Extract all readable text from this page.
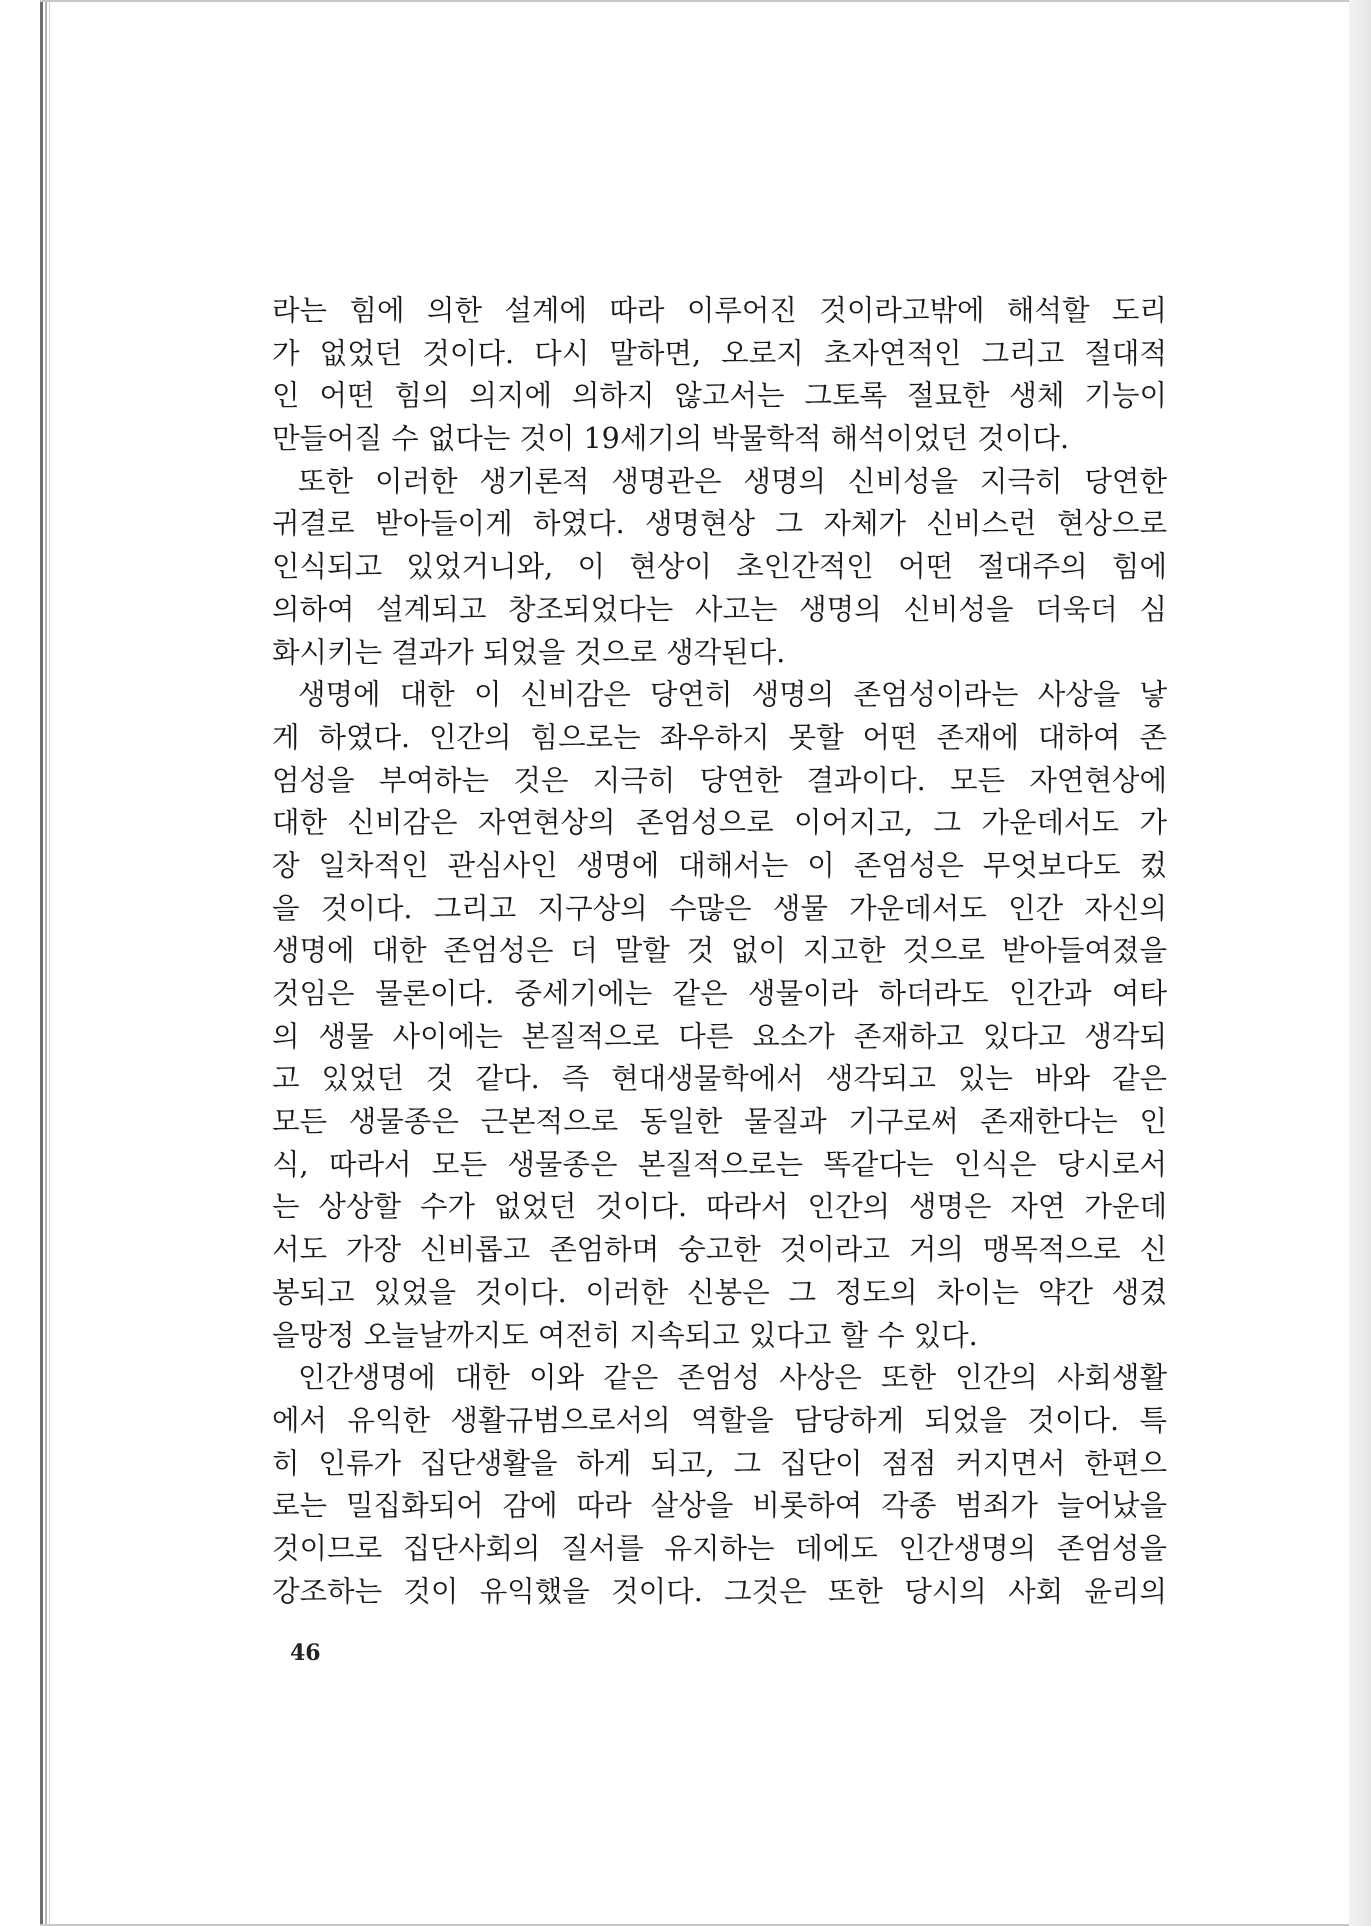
라는 힘에 의한 설계에 따라 이루어진 것이라고밖에 해석할 도리
가 없었던 것이다. 다시 말하면, 오로지 초자연적인 그리고 절대적
인 어떤 힘의 의지에 의하지 않고서는 그토록 절묘한 생체 기능이
만들어질 수 없다는 것이 19세기의 박물학적 해석이었던 것이다.
또한 이러한 생기론적 생명관은 생명의 신비성을 지극히 당연한
귀결로 받아들이게 하였다. 생명현상 그 자체가 신비스런 현상으로
인식되고 있었거니와, 이 현상이 초인간적인 어떤 절대주의 힘에
의하여 설계되고 창조되었다는 사고는 생명의 신비성을 더욱더 심
화시키는 결과가 되었을 것으로 생각된다.
생명에 대한 이 신비감은 당연히 생명의 존엄성이라는 사상을 낳
게 하였다. 인간의 힘으로는 좌우하지 못할 어떤 존재에 대하여 존
엄성을 부여하는 것은 지극히 당연한 결과이다. 모든 자연현상에
대한 신비감은 자연현상의 존엄성으로 이어지고, 그 가운데서도 가
장 일차적인 관심사인 생명에 대해서는 이 존엄성은 무엇보다도 컸
을 것이다. 그리고 지구상의 수많은 생물 가운데서도 인간 자신의
생명에 대한 존엄성은 더 말할 것 없이 지고한 것으로 받아들여졌을
것임은 물론이다. 중세기에는 같은 생물이라 하더라도 인간과 여타
의 생물 사이에는 본질적으로 다른 요소가 존재하고 있다고 생각되
고 있었던 것 같다. 즉 현대생물학에서 생각되고 있는 바와 같은
모든 생물종은 근본적으로 동일한 물질과 기구로써 존재한다는 인
식, 따라서 모든 생물종은 본질적으로는 똑같다는 인식은 당시로서
는 상상할 수가 없었던 것이다. 따라서 인간의 생명은 자연 가운데
서도 가장 신비롭고 존엄하며 숭고한 것이라고 거의 맹목적으로 신
봉되고 있었을 것이다. 이러한 신봉은 그 정도의 차이는 약간 생겼
을망정 오늘날까지도 여전히 지속되고 있다고 할 수 있다.
인간생명에 대한 이와 같은 존엄성 사상은 또한 인간의 사회생활
에서 유익한 생활규범으로서의 역할을 담당하게 되었을 것이다. 특
히 인류가 집단생활을 하게 되고, 그 집단이 점점 커지면서 한편으
로는 밀집화되어 감에 따라 살상을 비롯하여 각종 범죄가 늘어났을
것이므로 집단사회의 질서를 유지하는 데에도 인간생명의 존엄성을
강조하는 것이 유익했을 것이다. 그것은 또한 당시의 사회 윤리의
46
